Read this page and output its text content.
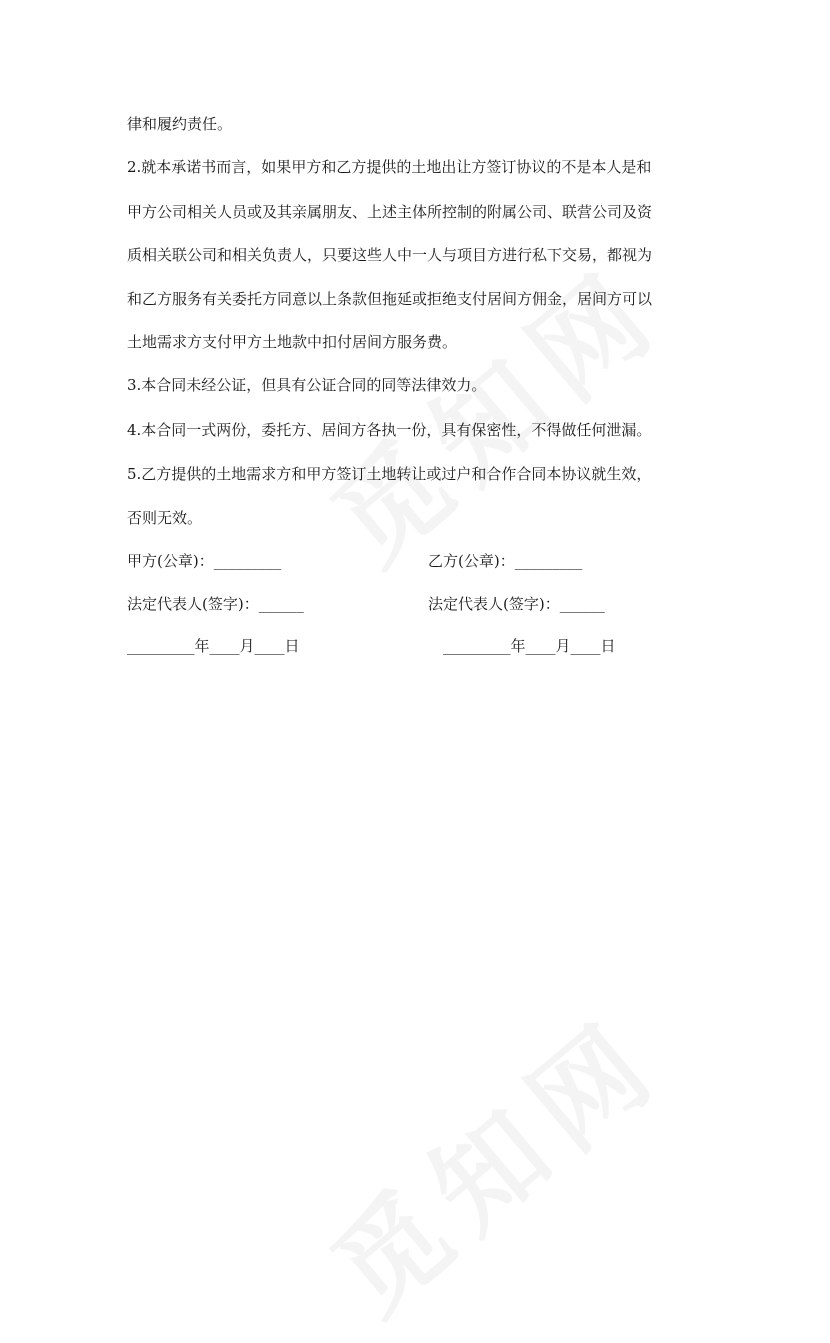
律和履约责任。

2.就本承诺书而言，如果甲方和乙方提供的土地出让方签订协议的不是本人是和

甲方公司相关人员或及其亲属朋友、上述主体所控制的附属公司、联营公司及资

质相关联公司和相关负责人，只要这些人中一人与项目方进行私下交易，都视为

和乙方服务有关委托方同意以上条款但拖延或拒绝支付居间方佣金，居间方可以

土地需求方支付甲方土地款中扣付居间方服务费。

3.本合同未经公证，但具有公证合同的同等法律效力。

4.本合同一式两份，委托方、居间方各执一份，具有保密性，不得做任何泄漏。

5.乙方提供的土地需求方和甲方签订土地转让或过户和合作合同本协议就生效，

否则无效。

甲方(公章)：_________	乙方(公章)：_________
法定代表人(签字)：______	法定代表人(签字)：______
_________年____月____日	_________年____月____日
